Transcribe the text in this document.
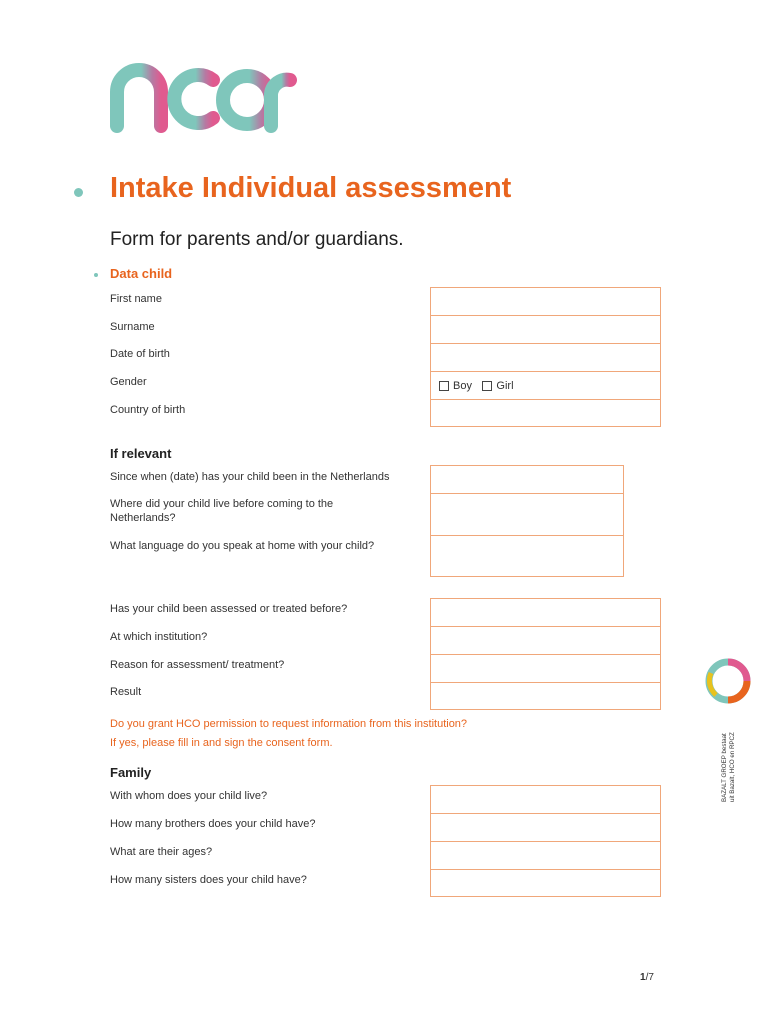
Intake Individual assessment
Form for parents and/or guardians.
Data child
First name
Surname
Date of birth
Gender
Country of birth
Boy Girl
If relevant
Since when (date) has your child been in the Netherlands
Where did your child live before coming to the
Netherlands?
What language do you speak at home with your child?
Has your child been assessed or treated before?
At which institution?
Reason for assessment/ treatment?
Result
Do you grant HCO permission to request information from this institution?
If yes, please fill in and sign the consent form.
Family
With whom does your child live?
How many brothers does your child have?
What are their ages?
How many sisters does your child have?
BAZALT GROEP bestaat uit Bazalt, HCO en RPCZ
1/7
